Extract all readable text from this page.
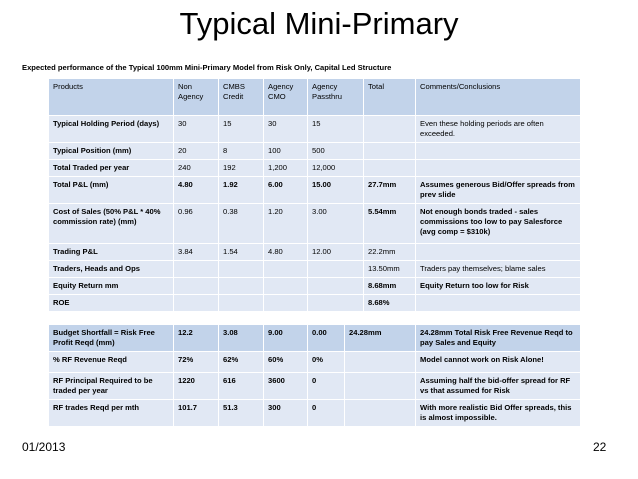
Typical Mini-Primary
Expected performance of the Typical 100mm Mini-Primary Model from Risk Only, Capital Led Structure
Products	Non Agency	CMBS Credit	Agency CMO	Agency Passthru	Total	Comments/Conclusions
Typical Holding Period (days)	30	15	30	15		Even these holding periods are often exceeded.
Typical Position (mm)	20	8	100	500		
Total Traded per year	240	192	1,200	12,000		
Total P&L (mm)	4.80	1.92	6.00	15.00	27.7mm	Assumes generous Bid/Offer spreads from prev slide
Cost of Sales (50% P&L * 40% commission rate) (mm)	0.96	0.38	1.20	3.00	5.54mm	Not enough bonds traded - sales commissions too low to pay Salesforce (avg comp = $310k)
Trading P&L	3.84	1.54	4.80	12.00	22.2mm	
Traders, Heads and Ops					13.50mm	Traders pay themselves; blame sales
Equity Return mm					8.68mm	Equity Return too low for Risk
ROE					8.68%	
Budget Shortfall = Risk Free Profit Reqd (mm)	12.2	3.08	9.00	0.00	24.28mm	24.28mm Total Risk Free Revenue Reqd to pay Sales and Equity
% RF Revenue Reqd	72%	62%	60%	0%		Model cannot work on Risk Alone!
RF Principal Required to be traded per year	1220	616	3600	0		Assuming half the bid-offer spread for RF vs that assumed for Risk
RF trades Reqd per mth	101.7	51.3	300	0		With more realistic Bid Offer spreads, this is almost impossible.
01/2013	22
